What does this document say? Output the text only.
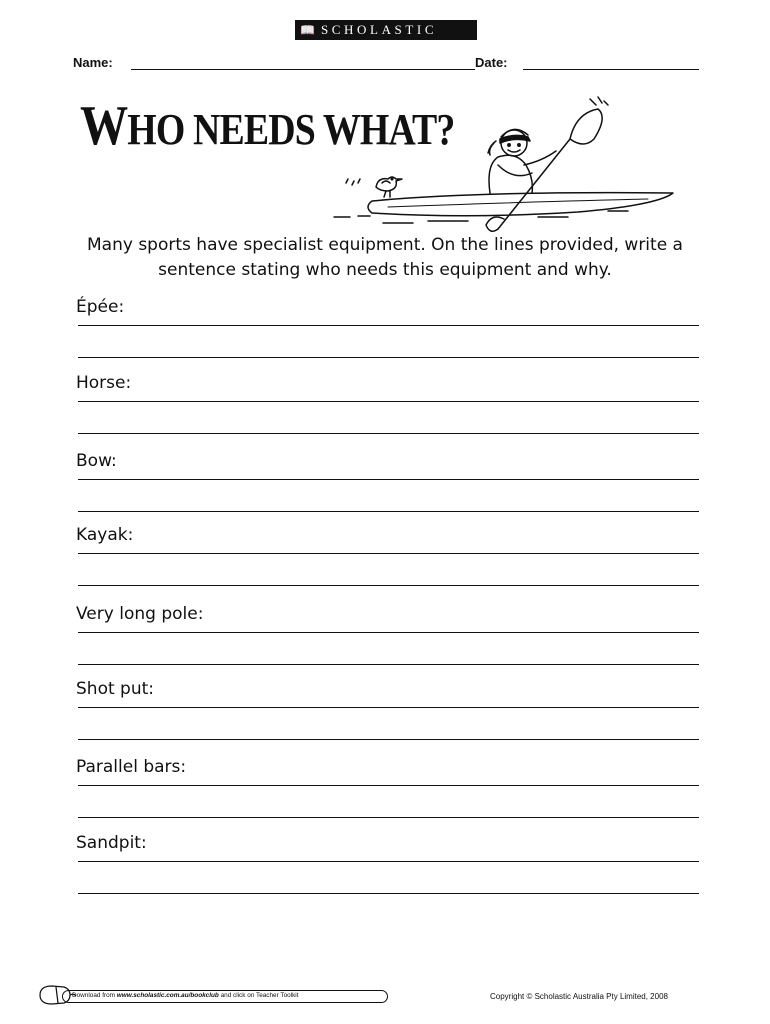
📖 SCHOLASTIC
Name:	Date:
WHO NEEDS WHAT?

Many sports have specialist equipment. On the lines provided, write a sentence stating who needs this equipment and why.

Épée:
Horse:
Bow:
Kayak:
Very long pole:
Shot put:
Parallel bars:
Sandpit:
Download from www.scholastic.com.au/bookclub and click on Teacher Toolkit	Copyright © Scholastic Australia Pty Limited, 2008
